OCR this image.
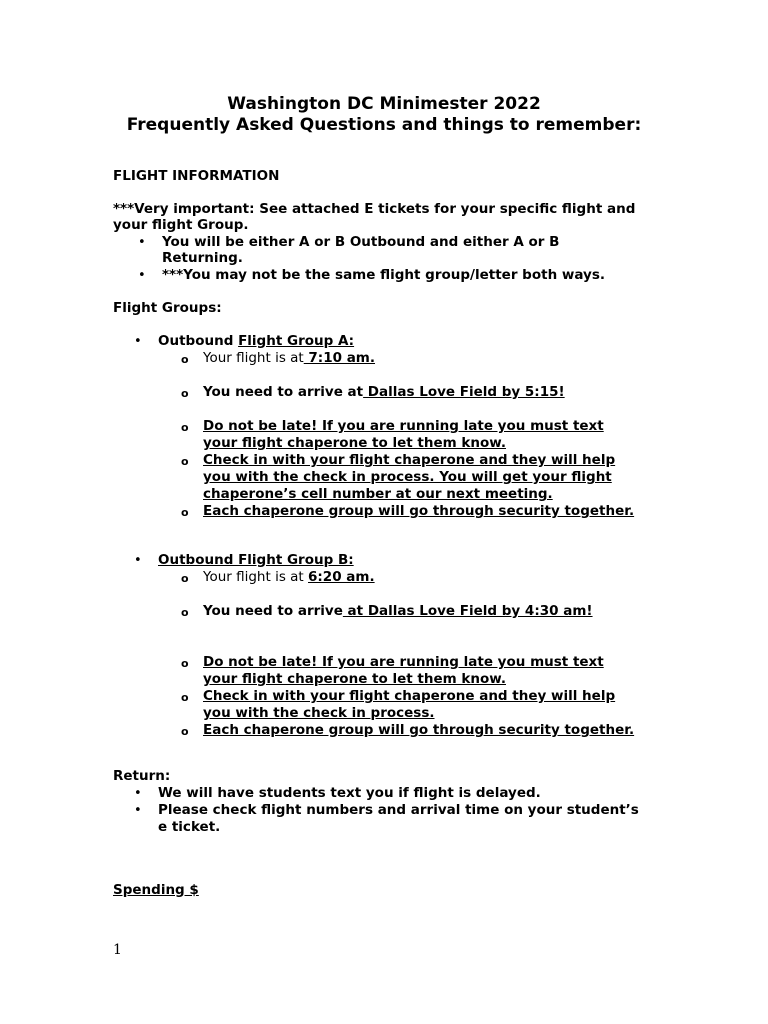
Washington DC Minimester 2022
Frequently Asked Questions and things to remember:
FLIGHT INFORMATION
***Very important: See attached E tickets for your specific flight and
your flight Group.
• You will be either A or B Outbound and either A or B
Returning.
• ***You may not be the same flight group/letter both ways.
Flight Groups:
• Outbound Flight Group A:
o Your flight is at 7:10 am.
o You need to arrive at Dallas Love Field by 5:15!
o Do not be late! If you are running late you must text
your flight chaperone to let them know.
o Check in with your flight chaperone and they will help
you with the check in process. You will get your flight
chaperone’s cell number at our next meeting.
o Each chaperone group will go through security together.
• Outbound Flight Group B:
o Your flight is at 6:20 am.
o You need to arrive at Dallas Love Field by 4:30 am!
o Do not be late! If you are running late you must text
your flight chaperone to let them know.
o Check in with your flight chaperone and they will help
you with the check in process.
o Each chaperone group will go through security together.
Return:
• We will have students text you if flight is delayed.
• Please check flight numbers and arrival time on your student’s
e ticket.
Spending $
1
